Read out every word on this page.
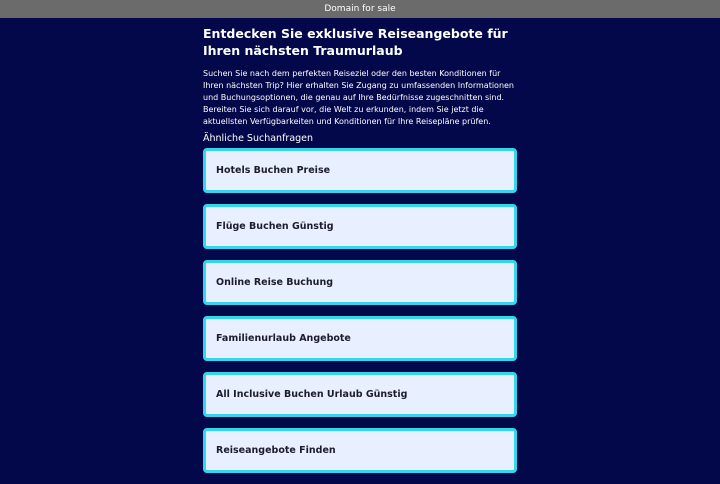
Domain for sale
Entdecken Sie exklusive Reiseangebote für Ihren nächsten Traumurlaub

Suchen Sie nach dem perfekten Reiseziel oder den besten Konditionen für Ihren nächsten Trip? Hier erhalten Sie Zugang zu umfassenden Informationen und Buchungsoptionen, die genau auf Ihre Bedürfnisse zugeschnitten sind. Bereiten Sie sich darauf vor, die Welt zu erkunden, indem Sie jetzt die aktuellsten Verfügbarkeiten und Konditionen für Ihre Reisepläne prüfen.

Ähnliche Suchanfragen
Hotels Buchen Preise
Flüge Buchen Günstig
Online Reise Buchung
Familienurlaub Angebote
All Inclusive Buchen Urlaub Günstig
Reiseangebote Finden
